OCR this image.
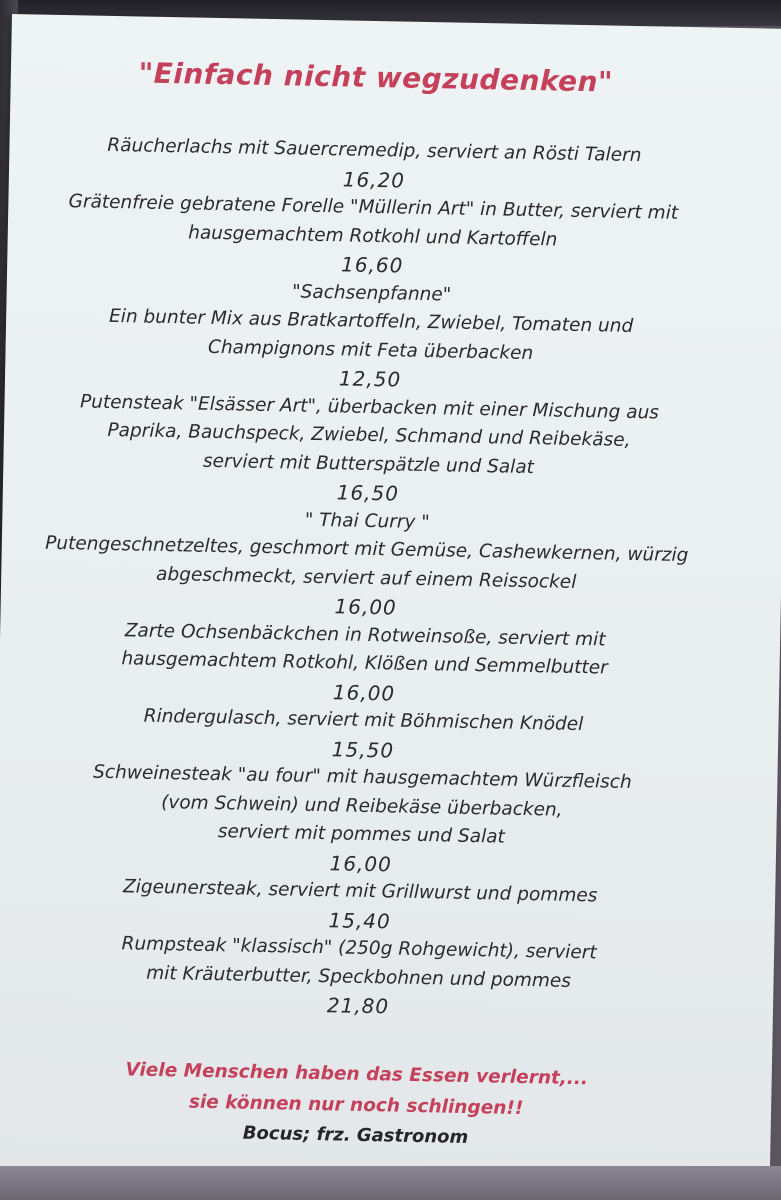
"Einfach nicht wegzudenken"
Räucherlachs mit Sauercremedip, serviert an Rösti Talern
16,20
Grätenfreie gebratene Forelle "Müllerin Art" in Butter, serviert mit
hausgemachtem Rotkohl und Kartoffeln
16,60
"Sachsenpfanne"
Ein bunter Mix aus Bratkartoffeln, Zwiebel, Tomaten und
Champignons mit Feta überbacken
12,50
Putensteak "Elsässer Art", überbacken mit einer Mischung aus
Paprika, Bauchspeck, Zwiebel, Schmand und Reibekäse,
serviert mit Butterspätzle und Salat
16,50
" Thai Curry "
Putengeschnetzeltes, geschmort mit Gemüse, Cashewkernen, würzig
abgeschmeckt, serviert auf einem Reissockel
16,00
Zarte Ochsenbäckchen in Rotweinsoße, serviert mit
hausgemachtem Rotkohl, Klößen und Semmelbutter
16,00
Rindergulasch, serviert mit Böhmischen Knödel
15,50
Schweinesteak "au four" mit hausgemachtem Würzfleisch
(vom Schwein) und Reibekäse überbacken,
serviert mit pommes und Salat
16,00
Zigeunersteak, serviert mit Grillwurst und pommes
15,40
Rumpsteak "klassisch" (250g Rohgewicht), serviert
mit Kräuterbutter, Speckbohnen und pommes
21,80
Viele Menschen haben das Essen verlernt,...
sie können nur noch schlingen!!
Bocus; frz. Gastronom
